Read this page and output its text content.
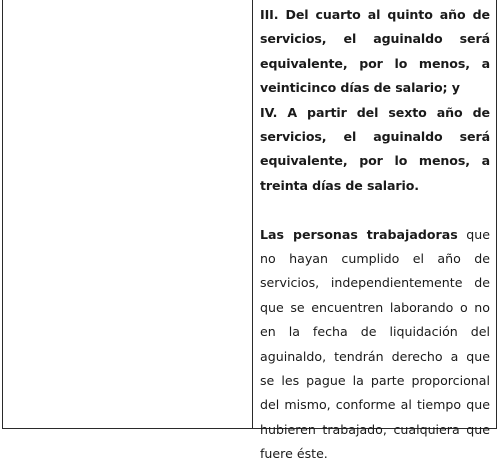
III. Del cuarto al quinto año de servicios, el aguinaldo será equivalente, por lo menos, a veinticinco días de salario; y

IV. A partir del sexto año de servicios, el aguinaldo será equivalente, por lo menos, a treinta días de salario.

Las personas trabajadoras que no hayan cumplido el año de servicios, independientemente de que se encuentren laborando o no en la fecha de liquidación del aguinaldo, tendrán derecho a que se les pague la parte proporcional del mismo, conforme al tiempo que hubieren trabajado, cualquiera que fuere éste.
